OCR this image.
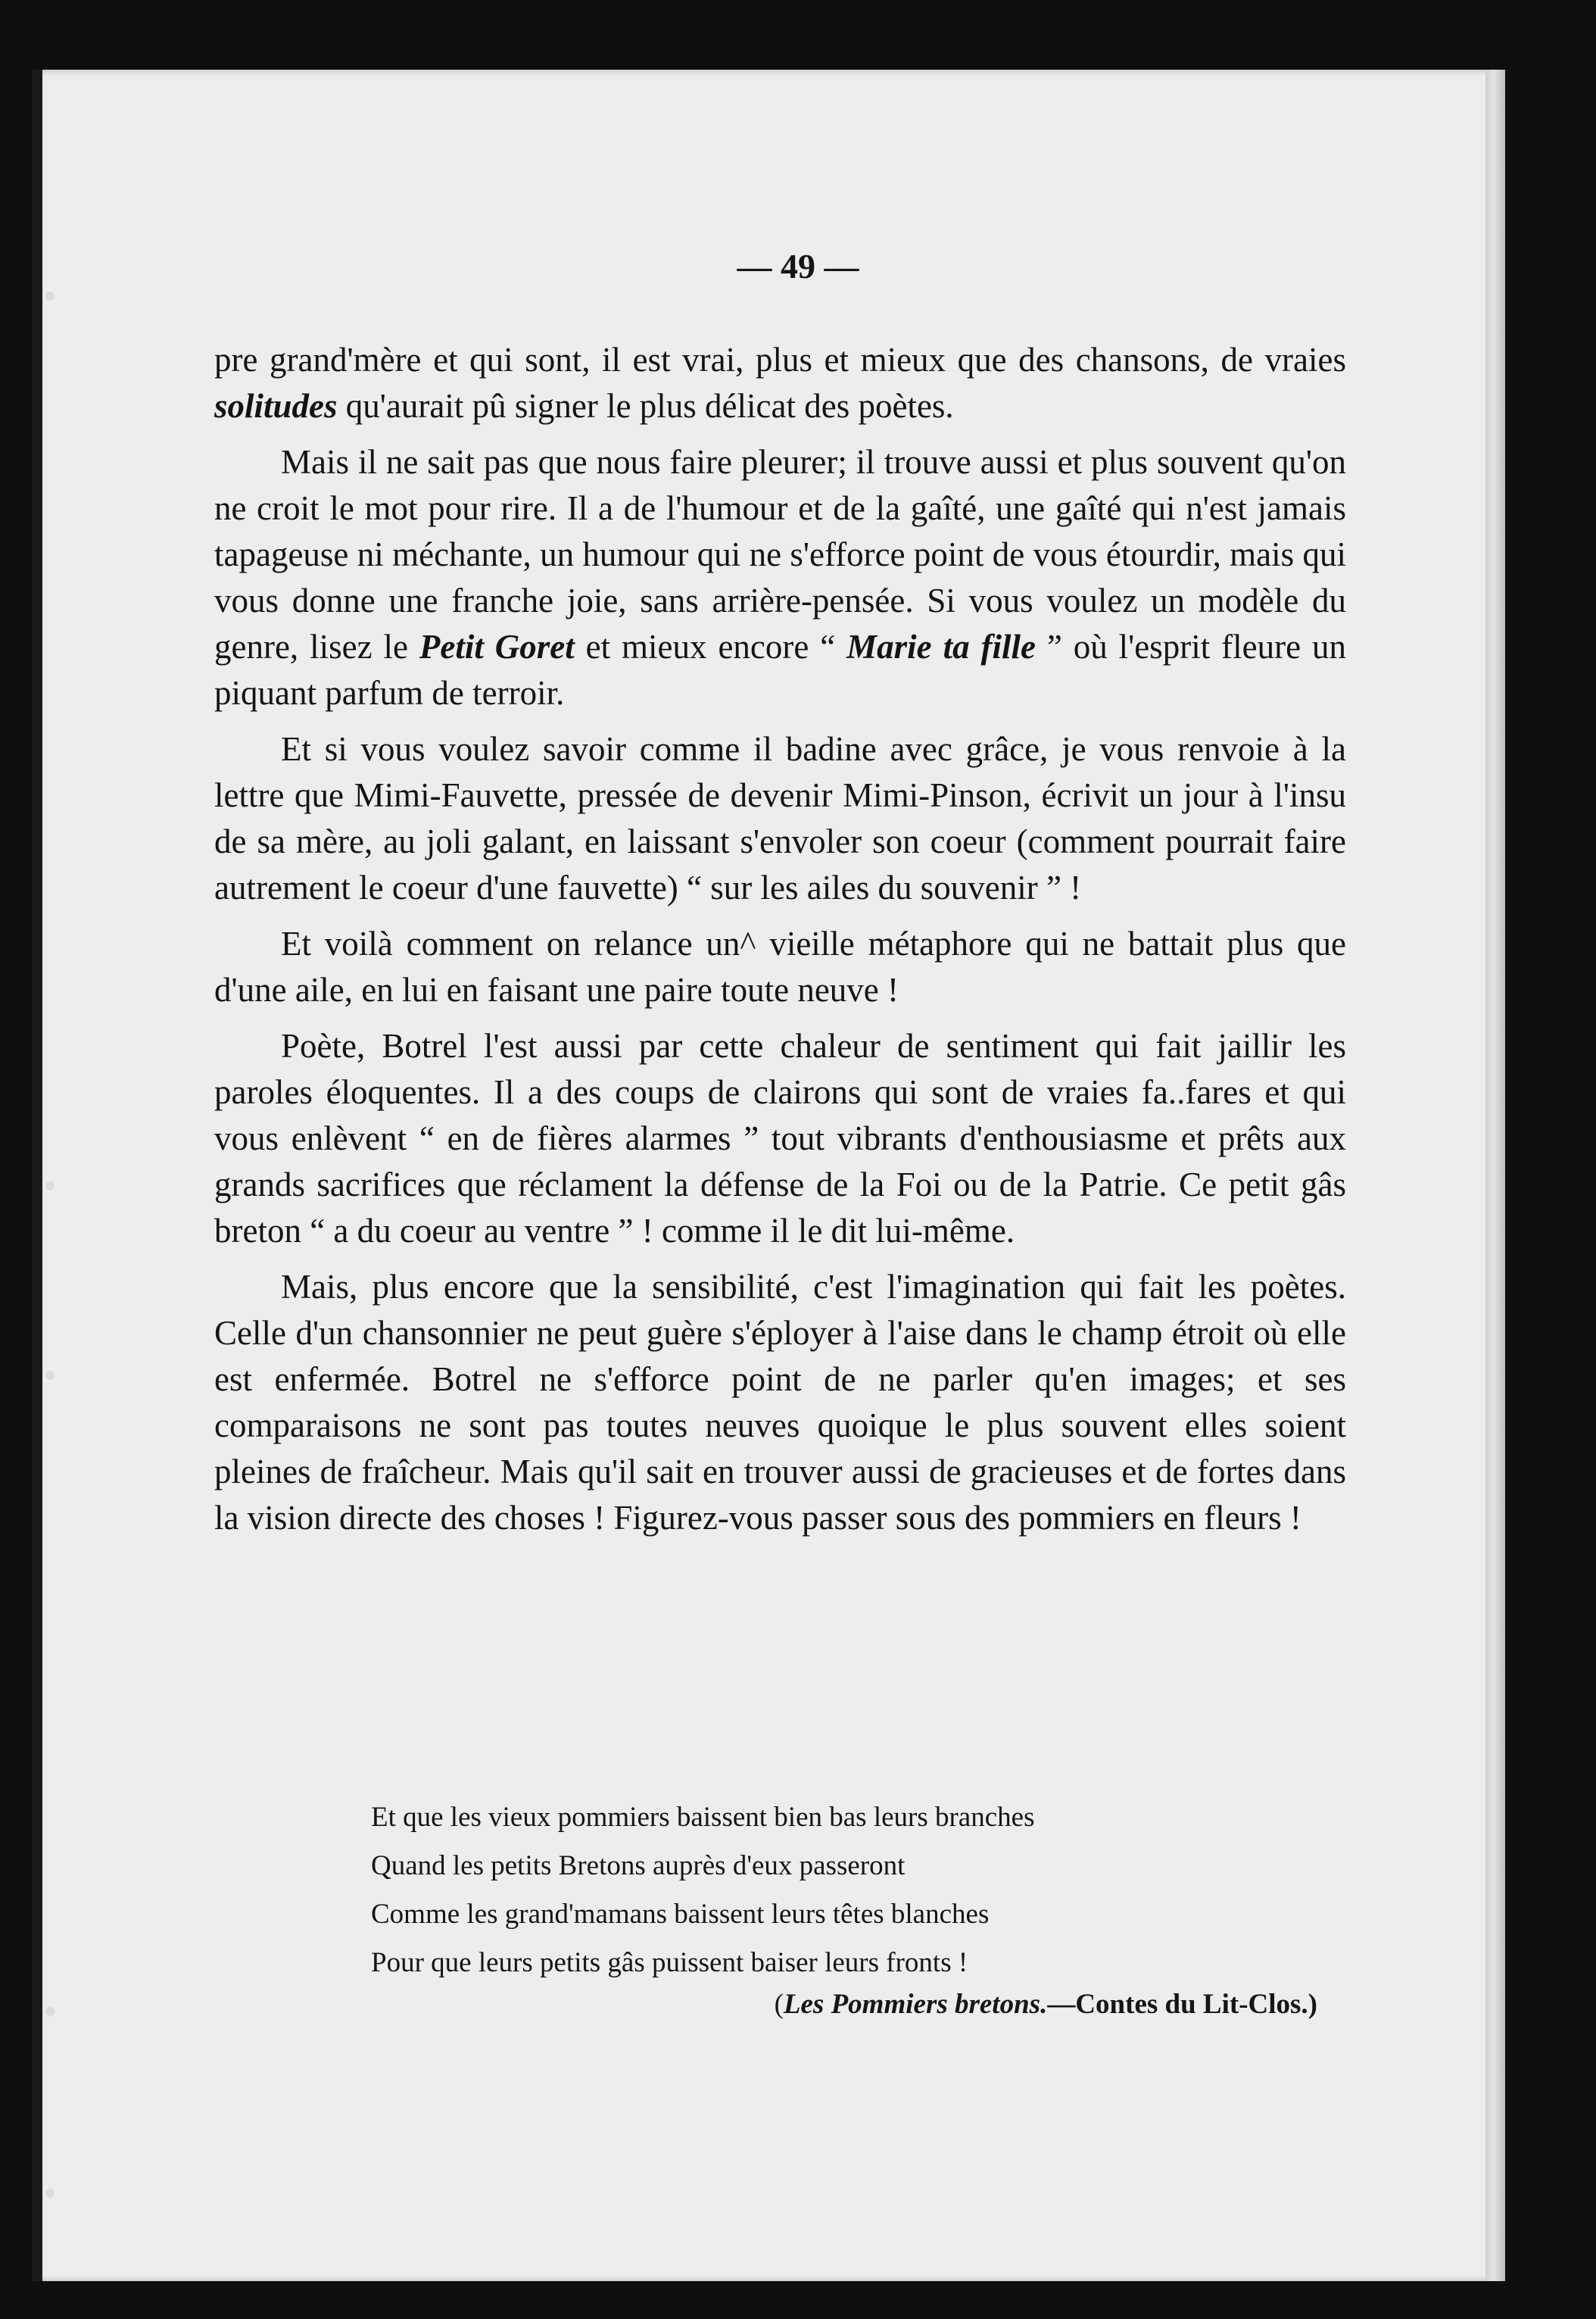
— 49 —

pre grand'mère et qui sont, il est vrai, plus et mieux que des chansons, de vraies solitudes qu'aurait pû signer le plus délicat des poètes.

Mais il ne sait pas que nous faire pleurer; il trouve aussi et plus souvent qu'on ne croit le mot pour rire. Il a de l'humour et de la gaîté, une gaîté qui n'est jamais tapageuse ni méchante, un humour qui ne s'efforce point de vous étourdir, mais qui vous donne une franche joie, sans arrière-pensée. Si vous voulez un modèle du genre, lisez le Petit Goret et mieux encore “ Marie ta fille ” où l'esprit fleure un piquant parfum de terroir.

Et si vous voulez savoir comme il badine avec grâce, je vous renvoie à la lettre que Mimi-Fauvette, pressée de devenir Mimi-Pinson, écrivit un jour à l'insu de sa mère, au joli galant, en laissant s'envoler son coeur (comment pourrait faire autrement le coeur d'une fauvette) “ sur les ailes du souvenir ” !

Et voilà comment on relance un^ vieille métaphore qui ne battait plus que d'une aile, en lui en faisant une paire toute neuve !

Poète, Botrel l'est aussi par cette chaleur de sentiment qui fait jaillir les paroles éloquentes. Il a des coups de clairons qui sont de vraies fa..fares et qui vous enlèvent “ en de fières alarmes ” tout vibrants d'enthousiasme et prêts aux grands sacrifices que réclament la défense de la Foi ou de la Patrie. Ce petit gâs breton “ a du coeur au ventre ” ! comme il le dit lui-même.

Mais, plus encore que la sensibilité, c'est l'imagination qui fait les poètes. Celle d'un chansonnier ne peut guère s'éployer à l'aise dans le champ étroit où elle est enfermée. Botrel ne s'efforce point de ne parler qu'en images; et ses comparaisons ne sont pas toutes neuves quoique le plus souvent elles soient pleines de fraîcheur. Mais qu'il sait en trouver aussi de gracieuses et de fortes dans la vision directe des choses ! Figurez-vous passer sous des pommiers en fleurs !

Et que les vieux pommiers baissent bien bas leurs branches
Quand les petits Bretons auprès d'eux passeront
Comme les grand'mamans baissent leurs têtes blanches
Pour que leurs petits gâs puissent baiser leurs fronts !
(Les Pommiers bretons.—Contes du Lit-Clos.)
